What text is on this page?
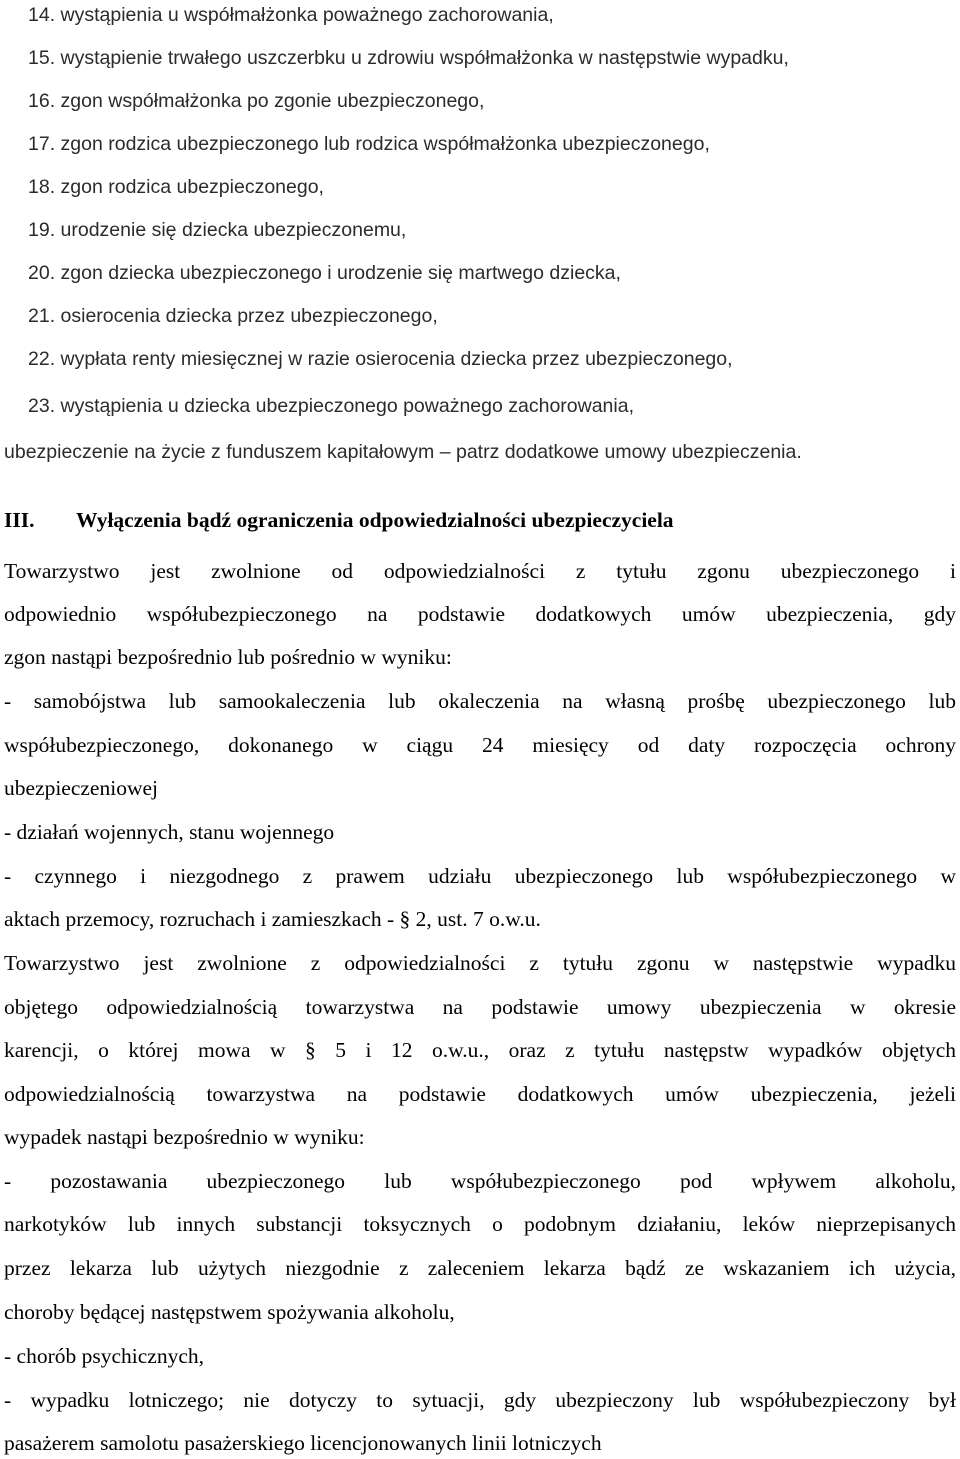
14. wystąpienia u współmałżonka poważnego zachorowania,
15. wystąpienie trwałego uszczerbku u zdrowiu współmałżonka w następstwie wypadku,
16. zgon współmałżonka po zgonie ubezpieczonego,
17. zgon rodzica ubezpieczonego lub rodzica współmałżonka ubezpieczonego,
18. zgon rodzica ubezpieczonego,
19. urodzenie się dziecka ubezpieczonemu,
20. zgon dziecka ubezpieczonego i urodzenie się martwego dziecka,
21. osierocenia dziecka przez ubezpieczonego,
22. wypłata renty miesięcznej w razie osierocenia dziecka przez ubezpieczonego,
23. wystąpienia u dziecka ubezpieczonego poważnego zachorowania,
ubezpieczenie na życie z funduszem kapitałowym – patrz dodatkowe umowy ubezpieczenia.
III. Wyłączenia bądź ograniczenia odpowiedzialności ubezpieczyciela
Towarzystwo jest zwolnione od odpowiedzialności z tytułu zgonu ubezpieczonego i
odpowiednio współubezpieczonego na podstawie dodatkowych umów ubezpieczenia, gdy
zgon nastąpi bezpośrednio lub pośrednio w wyniku:
- samobójstwa lub samookaleczenia lub okaleczenia na własną prośbę ubezpieczonego lub
współubezpieczonego, dokonanego w ciągu 24 miesięcy od daty rozpoczęcia ochrony
ubezpieczeniowej
- działań wojennych, stanu wojennego
- czynnego i niezgodnego z prawem udziału ubezpieczonego lub współubezpieczonego w
aktach przemocy, rozruchach i zamieszkach - § 2, ust. 7 o.w.u.
Towarzystwo jest zwolnione z odpowiedzialności z tytułu zgonu w następstwie wypadku
objętego odpowiedzialnością towarzystwa na podstawie umowy ubezpieczenia w okresie
karencji, o której mowa w § 5 i 12 o.w.u., oraz z tytułu następstw wypadków objętych
odpowiedzialnością towarzystwa na podstawie dodatkowych umów ubezpieczenia, jeżeli
wypadek nastąpi bezpośrednio w wyniku:
- pozostawania ubezpieczonego lub współubezpieczonego pod wpływem alkoholu,
narkotyków lub innych substancji toksycznych o podobnym działaniu, leków nieprzepisanych
przez lekarza lub użytych niezgodnie z zaleceniem lekarza bądź ze wskazaniem ich użycia,
choroby będącej następstwem spożywania alkoholu,
- chorób psychicznych,
- wypadku lotniczego; nie dotyczy to sytuacji, gdy ubezpieczony lub współubezpieczony był
pasażerem samolotu pasażerskiego licencjonowanych linii lotniczych
